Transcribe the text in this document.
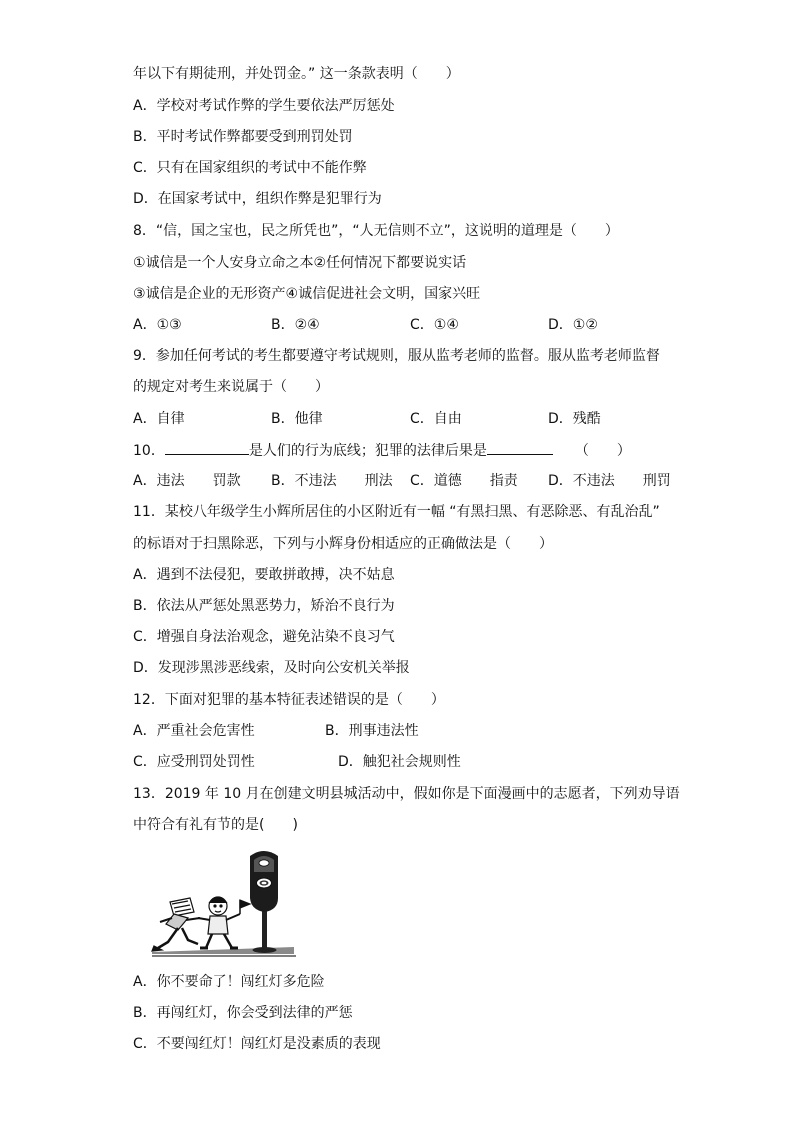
年以下有期徒刑，并处罚金。” 这一条款表明（　　）
A．学校对考试作弊的学生要依法严厉惩处
B．平时考试作弊都要受到刑罚处罚
C．只有在国家组织的考试中不能作弊
D．在国家考试中，组织作弊是犯罪行为
8．“信，国之宝也，民之所凭也”，“人无信则不立”，这说明的道理是（　　）
①诚信是一个人安身立命之本②任何情况下都要说实话
③诚信是企业的无形资产④诚信促进社会文明，国家兴旺
A．①③	B．②④	C．①④	D．①②
9．参加任何考试的考生都要遵守考试规则，服从监考老师的监督。服从监考老师监督
的规定对考生来说属于（　　）
A．自律	B．他律	C．自由	D．残酷
10．	是人们的行为底线；犯罪的法律后果是	（　　）
A．违法　　罚款 B．不违法　　刑法 C．道德　　指责 D．不违法　　刑罚
11．某校八年级学生小辉所居住的小区附近有一幅 “有黑扫黑、有恶除恶、有乱治乱”
的标语对于扫黑除恶，下列与小辉身份相适应的正确做法是（　　）
A．遇到不法侵犯，要敢拼敢搏，决不姑息
B．依法从严惩处黑恶势力，矫治不良行为
C．增强自身法治观念，避免沾染不良习气
D．发现涉黑涉恶线索，及时向公安机关举报
12．下面对犯罪的基本特征表述错误的是（　　）
A．严重社会危害性	B．刑事违法性
C．应受刑罚处罚性	D．触犯社会规则性
13．2019 年 10 月在创建文明县城活动中，假如你是下面漫画中的志愿者，下列劝导语
中符合有礼有节的是(　　)
A．你不要命了！闯红灯多危险
B．再闯红灯，你会受到法律的严惩
C．不要闯红灯！闯红灯是没素质的表现
